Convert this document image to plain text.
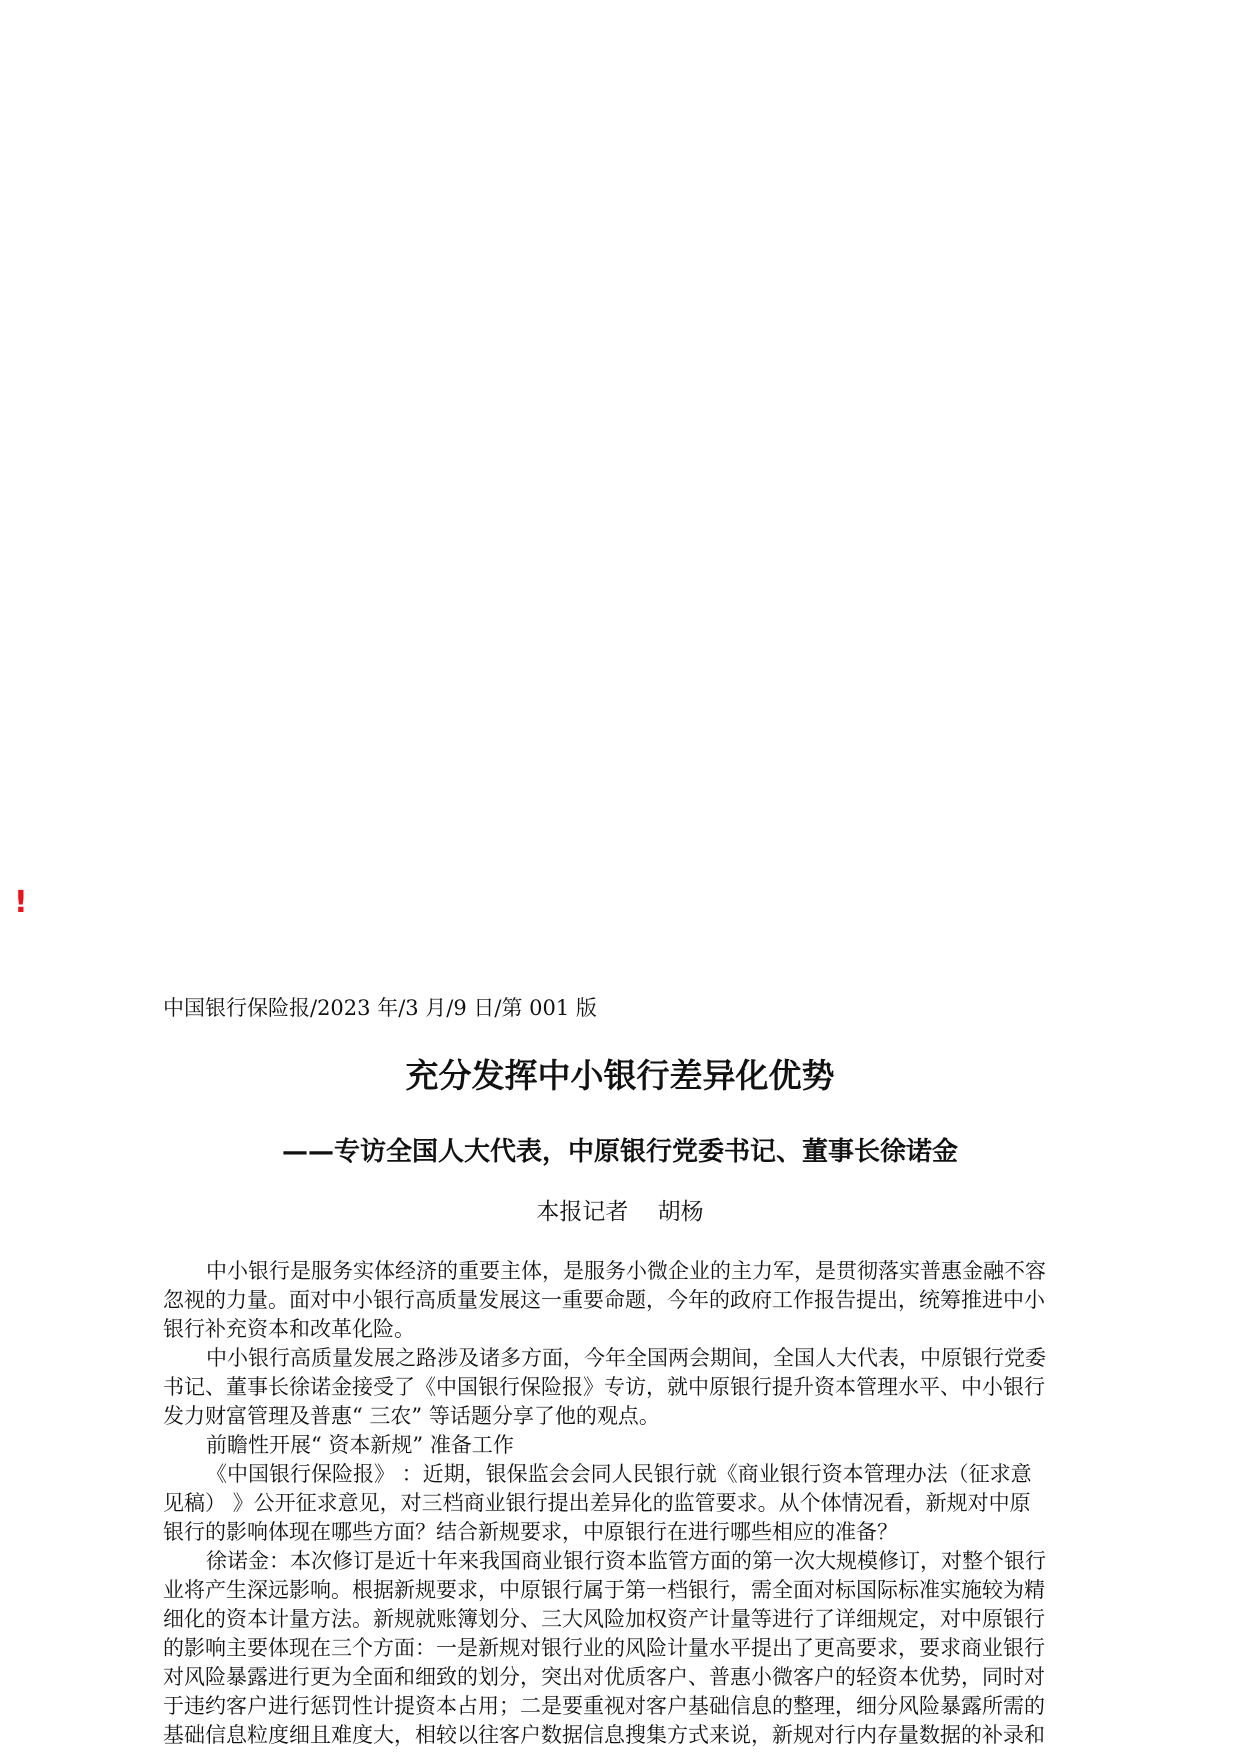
!
中国银行保险报/2023 年/3 月/9 日/第 001 版
充分发挥中小银行差异化优势
——专访全国人大代表，中原银行党委书记、董事长徐诺金
本报记者    胡杨
中小银行是服务实体经济的重要主体，是服务小微企业的主力军，是贯彻落实普惠金融不容
忽视的力量。面对中小银行高质量发展这一重要命题，今年的政府工作报告提出，统筹推进中小
银行补充资本和改革化险。
中小银行高质量发展之路涉及诸多方面，今年全国两会期间，全国人大代表，中原银行党委
书记、董事长徐诺金接受了《中国银行保险报》专访，就中原银行提升资本管理水平、中小银行
发力财富管理及普惠“ 三农” 等话题分享了他的观点。
前瞻性开展“ 资本新规” 准备工作
《中国银行保险报》 ：近期，银保监会会同人民银行就《商业银行资本管理办法（征求意
见稿） 》公开征求意见，对三档商业银行提出差异化的监管要求。从个体情况看，新规对中原
银行的影响体现在哪些方面？结合新规要求，中原银行在进行哪些相应的准备？
徐诺金：本次修订是近十年来我国商业银行资本监管方面的第一次大规模修订，对整个银行
业将产生深远影响。根据新规要求，中原银行属于第一档银行，需全面对标国际标准实施较为精
细化的资本计量方法。新规就账簿划分、三大风险加权资产计量等进行了详细规定，对中原银行
的影响主要体现在三个方面：一是新规对银行业的风险计量水平提出了更高要求，要求商业银行
对风险暴露进行更为全面和细致的划分，突出对优质客户、普惠小微客户的轻资本优势，同时对
于违约客户进行惩罚性计提资本占用；二是要重视对客户基础信息的整理，细分风险暴露所需的
基础信息粒度细且难度大，相较以往客户数据信息搜集方式来说，新规对行内存量数据的补录和
